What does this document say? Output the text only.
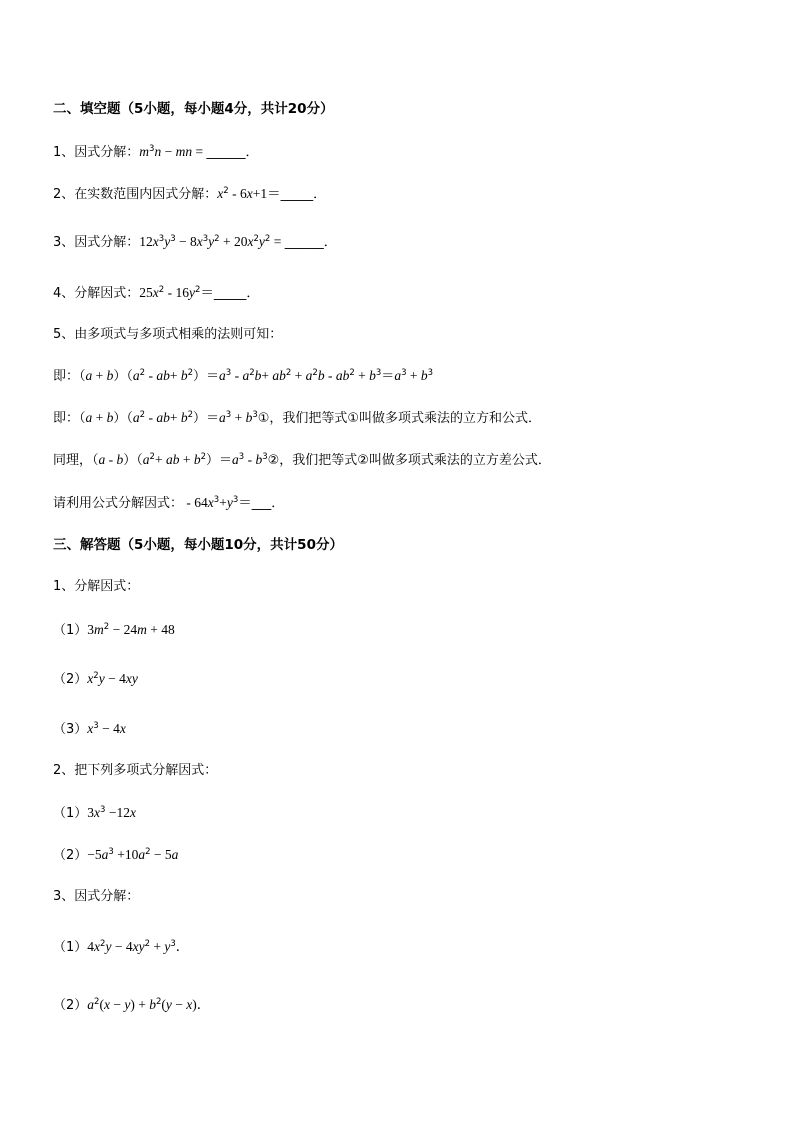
二、填空题（5小题，每小题4分，共计20分）
1、因式分解：$m^3n$ − mn = ______．
2、在实数范围内因式分解：$x^2$ - 6x+1＝_____．
3、因式分解：$12x^3y^3 - 8x^3y^2 + 20x^2y^2$ = ______．
4、分解因式：$25x^2$ - $16y^2=\_\_\_\_\_$．
5、由多项式与多项式相乘的法则可知：
即：$(a + b)(a^2 - ab+ b^2)=a^3 - a^2b+ ab^2 + a^2b - ab^2 + b^3=a^3 + b^3$
即：$(a + b)(a^2 - ab+ b^2)=a^3$ + $b^3①$，我们把等式①叫做多项式乘法的立方和公式．
同理，$(a - b)(a^2+$ ab + $b^2)=a^3$ - $b^3②$，我们把等式②叫做多项式乘法的立方差公式．
请利用公式分解因式： - $64x^3+y^3=\_\_\_$．
三、解答题（5小题，每小题10分，共计50分）
1、分解因式：
$(1)3m^2 - 24m + 48$
$(2)x^2y - 4xy$
$(3)x^3 - 4x$
2、把下列多项式分解因式：
$(1)3x^3 -12x$
$(2)-5a^3 +10a^2 - 5a$
3、因式分解：
$(1)4x^2y - 4xy^2 + y^3$．
$(2)a^2(x - y) + b^2(y - x)$．
